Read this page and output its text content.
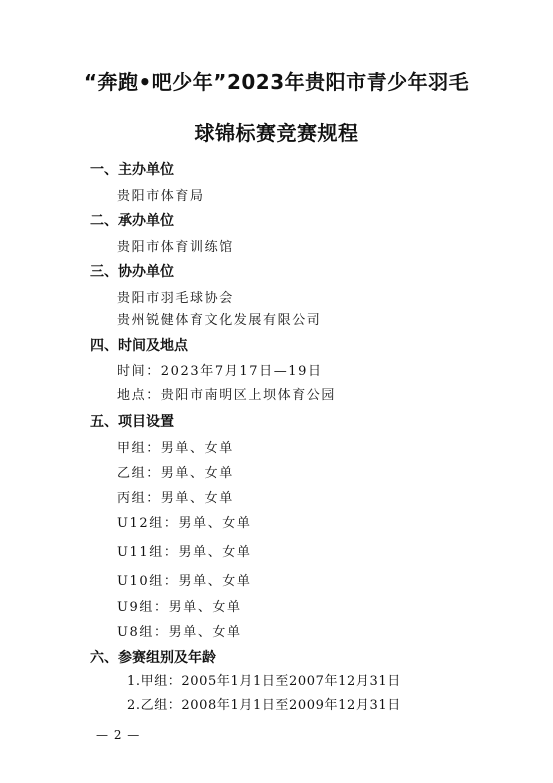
“奔跑•吧少年”2023年贵阳市青少年羽毛
球锦标赛竞赛规程
一、主办单位
贵阳市体育局
二、承办单位
贵阳市体育训练馆
三、协办单位
贵阳市羽毛球协会
贵州锐健体育文化发展有限公司
四、时间及地点
时间：2023年7月17日—19日
地点：贵阳市南明区上坝体育公园
五、项目设置
甲组：男单、女单
乙组：男单、女单
丙组：男单、女单
U12组：男单、女单
U11组：男单、女单
U10组：男单、女单
U9组：男单、女单
U8组：男单、女单
六、参赛组别及年龄
1.甲组：2005年1月1日至2007年12月31日
2.乙组：2008年1月1日至2009年12月31日
— 2 —
